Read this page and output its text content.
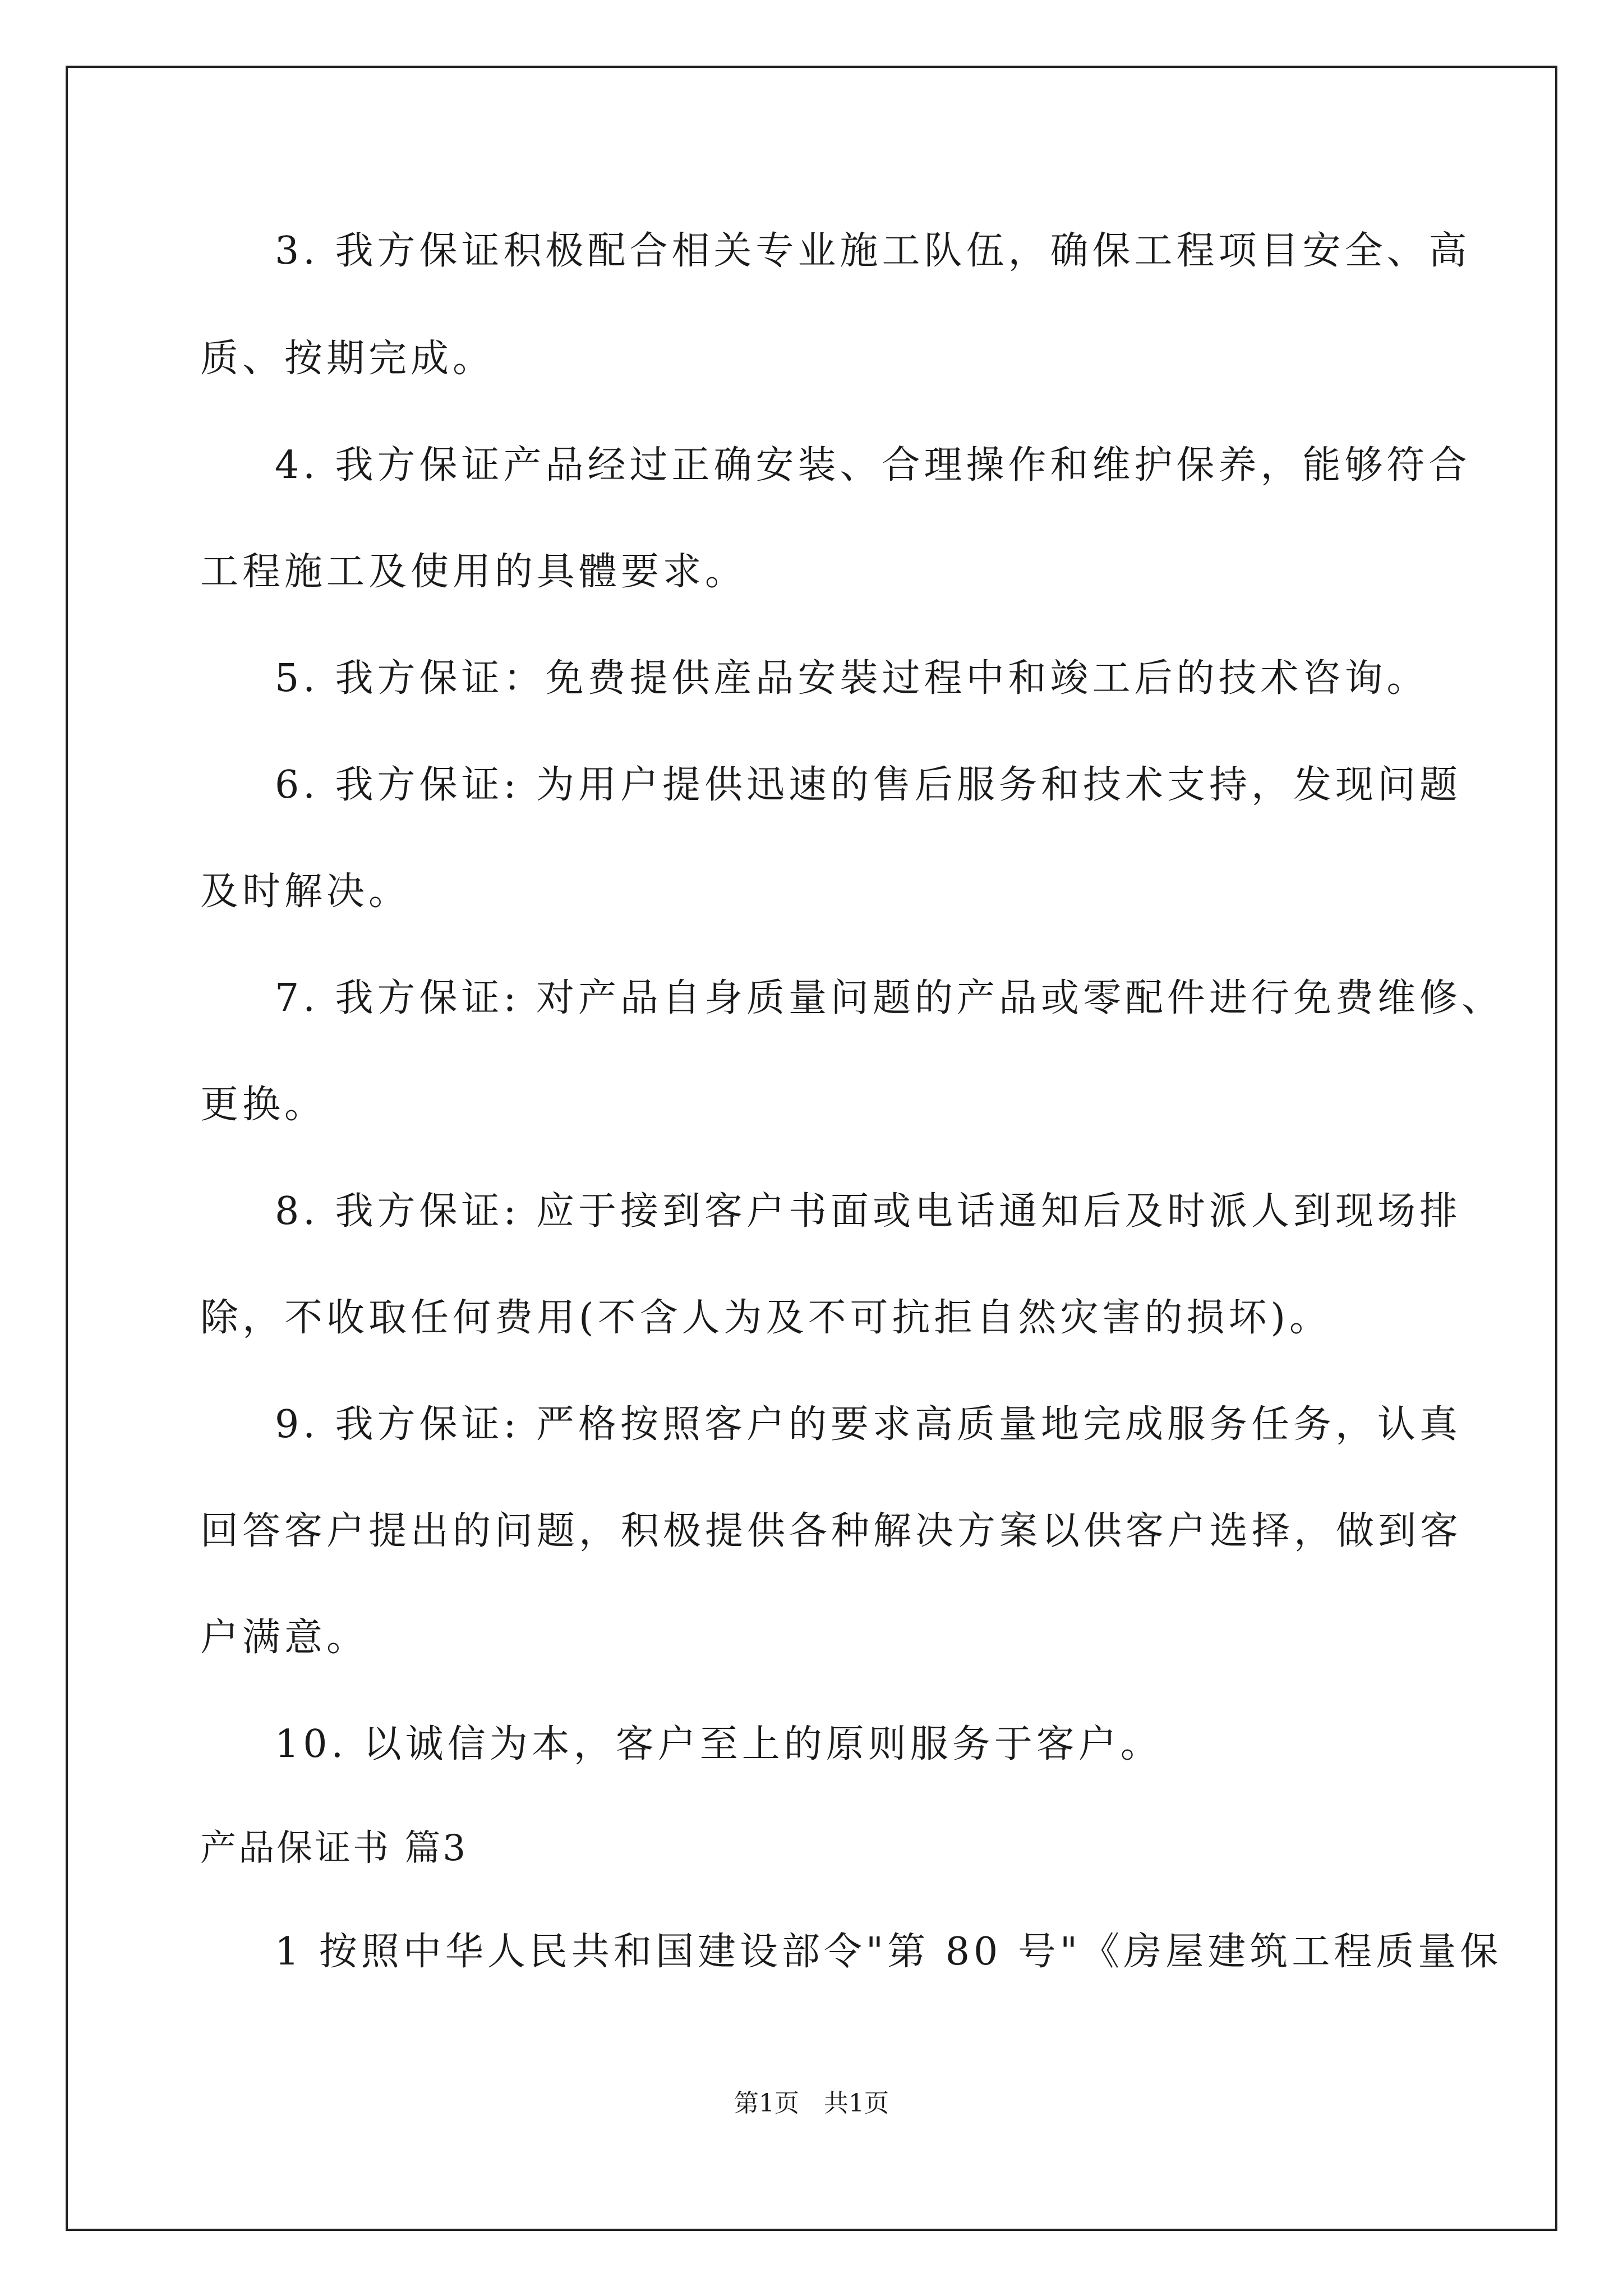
3. 我方保证积极配合相关专业施工队伍，确保工程项目安全、高
质、按期完成。
4. 我方保证产品经过正确安装、合理操作和维护保养，能够符合
工程施工及使用的具體要求。
5. 我方保证：免费提供産品安裝过程中和竣工后的技术咨询。
6. 我方保证: 为用户提供迅速的售后服务和技术支持，发现问题
及时解决。
7. 我方保证: 对产品自身质量问题的产品或零配件进行免费维修、
更换。
8. 我方保证: 应于接到客户书面或电话通知后及时派人到现场排
除，不收取任何费用(不含人为及不可抗拒自然灾害的损坏)。
9. 我方保证: 严格按照客户的要求高质量地完成服务任务，认真
回答客户提出的问题，积极提供各种解决方案以供客户选择，做到客
户满意。
10. 以诚信为本，客户至上的原则服务于客户。
产品保证书 篇3
1 按照中华人民共和国建设部令"第 80 号"《房屋建筑工程质量保
第1页　共1页
